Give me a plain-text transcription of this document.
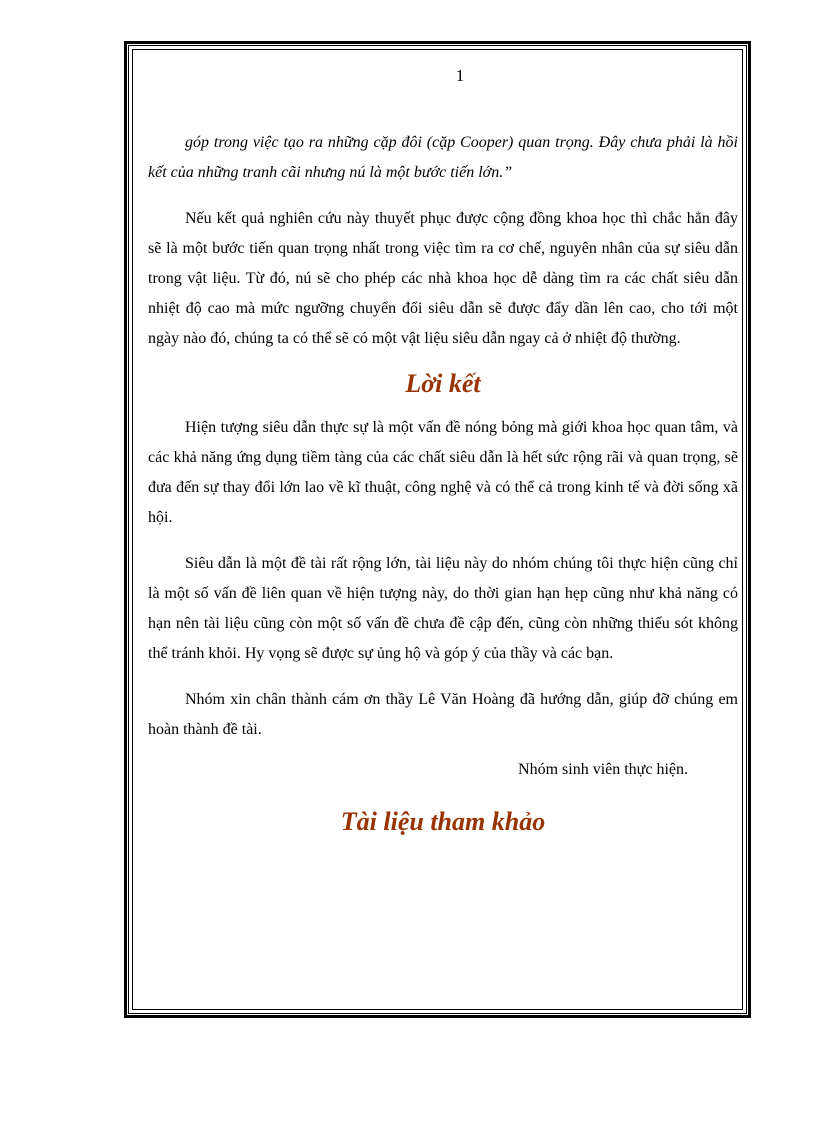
1

góp trong việc tạo ra những cặp đôi (cặp Cooper) quan trọng. Đây chưa phải là hồi kết của những tranh cãi nhưng nú là một bước tiến lớn.”

Nếu kết quả nghiên cứu này thuyết phục được cộng đồng khoa học thì chắc hẳn đây sẽ là một bước tiến quan trọng nhất trong việc tìm ra cơ chế, nguyên nhân của sự siêu dẫn trong vật liệu. Từ đó, nú sẽ cho phép các nhà khoa học dễ dàng tìm ra các chất siêu dẫn nhiệt độ cao mà mức ngưỡng chuyển đổi siêu dẫn sẽ được đẩy dần lên cao, cho tới một ngày nào đó, chúng ta có thể sẽ có một vật liệu siêu dẫn ngay cả ở nhiệt độ thường.

Lời kết

Hiện tượng siêu dẫn thực sự là một vấn đề nóng bỏng mà giới khoa học quan tâm, và các khả năng ứng dụng tiềm tàng của các chất siêu dẫn là hết sức rộng rãi và quan trọng, sẽ đưa đến sự thay đổi lớn lao về kĩ thuật, công nghệ và có thể cả trong kinh tế và đời sống xã hội.

Siêu dẫn là một đề tài rất rộng lớn, tài liệu này do nhóm chúng tôi thực hiện cũng chỉ là một số vấn đề liên quan về hiện tượng này, do thời gian hạn hẹp cũng như khả năng có hạn nên tài liệu cũng còn một số vấn đề chưa đề cập đến, cũng còn những thiếu sót không thể tránh khỏi. Hy vọng sẽ được sự ủng hộ và góp ý của thầy và các bạn.

Nhóm xin chân thành cám ơn thầy Lê Văn Hoàng đã hướng dẫn, giúp đỡ chúng em hoàn thành đề tài.

Nhóm sinh viên thực hiện.

Tài liệu tham khảo
